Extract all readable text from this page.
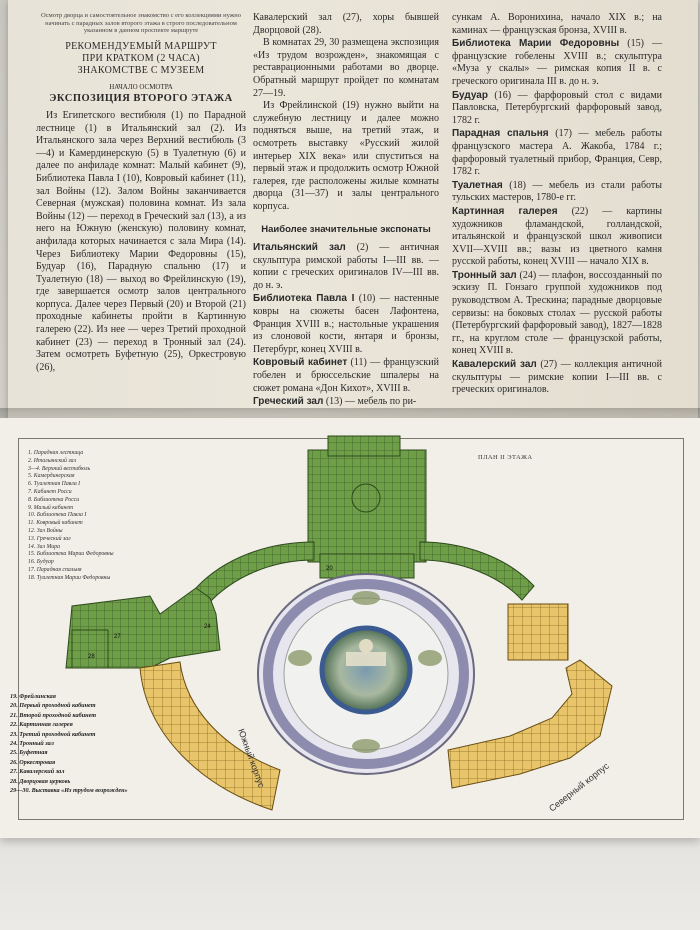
Осмотр дворца и самостоятельное знакомство с его коллекциями нужно начинать с парадных залов второго этажа в строго последовательном указанном в данном проспекте маршруте

РЕКОМЕНДУЕМЫЙ МАРШРУТ

ПРИ КРАТКОМ (2 ЧАСА)

ЗНАКОМСТВЕ С МУЗЕЕМ

НАЧАЛО ОСМОТРА

ЭКСПОЗИЦИЯ ВТОРОГО ЭТАЖА

Из Египетского вестибюля (1) по Парадной лестнице (1) в Итальянский зал (2). Из Итальянского зала через Верхний вестибюль (3—4) и Камердинерскую (5) в Туалетную (6) и далее по анфиладе комнат: Малый кабинет (9), Библиотека Павла I (10), Ковровый кабинет (11), зал Войны (12). Залом Войны заканчивается Северная (мужская) половина комнат. Из зала Войны (12) — переход в Греческий зал (13), а из него на Южную (женскую) половину комнат, анфилада которых начинается с зала Мира (14). Через Библиотеку Марии Федоровны (15), Будуар (16), Парадную спальню (17) и Туалетную (18) — выход во Фрейлинскую (19), где завершается осмотр залов центрального корпуса. Далее через Первый (20) и Второй (21) проходные кабинеты пройти в Картинную галерею (22). Из нее — через Третий проходной кабинет (23) — переход в Тронный зал (24). Затем осмотреть Буфетную (25), Оркестровую (26),

Кавалерский зал (27), хоры бывшей Дворцовой (28).

В комнатах 29, 30 размещена экспозиция «Из трудом возрожден», знакомящая с реставрационными работами во дворце. Обратный маршрут пройдет по комнатам 27—19.

Из Фрейлинской (19) нужно выйти на служебную лестницу и далее можно подняться выше, на третий этаж, и осмотреть выставку «Русский жилой интерьер XIX века» или спуститься на первый этаж и продолжить осмотр Южной галерея, где расположены жилые комнаты дворца (31—37) и залы центрального корпуса.

Наиболее значительные экспонаты

Итальянский зал (2) — античная скульптура римской работы I—III вв. — копии с греческих оригиналов IV—III вв. до н. э.

Библиотека Павла I (10) — настенные ковры на сюжеты басен Лафонтена, Франция XVIII в.; настольные украшения из слоновой кости, янтаря и бронзы, Петербург, конец XVIII в.

Ковровый кабинет (11) — французский гобелен и брюссельские шпалеры на сюжет романа «Дон Кихот», XVIII в.

Греческий зал (13) — мебель по ри-

сункам А. Воронихина, начало XIX в.; на каминах — французская бронза, XVIII в.

Библиотека Марии Федоровны (15) — французские гобелены XVIII в.; скульптура «Муза у скалы» — римская копия II в. с греческого оригинала III в. до н. э.

Будуар (16) — фарфоровый стол с видами Павловска, Петербургский фарфоровый завод, 1782 г.

Парадная спальня (17) — мебель работы французского мастера А. Жакоба, 1784 г.; фарфоровый туалетный прибор, Франция, Севр, 1782 г.

Туалетная (18) — мебель из стали работы тульских мастеров, 1780-е гг.

Картинная галерея (22) — картины художников фламандской, голландской, итальянской и французской школ живописи XVII—XVIII вв.; вазы из цветного камня русской работы, конец XVIII — начало XIX в.

Тронный зал (24) — плафон, воссозданный по эскизу П. Гонзаго группой художников под руководством А. Трескина; парадные дворцовые сервизы: на боковых столах — русской работы (Петербургский фарфоровый завод), 1827—1828 гг., на круглом столе — французской работы, конец XVIII в.

Кавалерский зал (27) — коллекция античной скульптуры — римские копии I—III вв. с греческих оригиналов.

ПЛАН II ЭТАЖА
20
27
24
28
Южный корпус	Северный корпус
1. Парадная лестница
2. Итальянский зал
3—4. Верхний вестибюль
5. Камердинерская
6. Туалетная Павла I
7. Кабинет Росси
8. Библиотека Росси
9. Малый кабинет
10. Библиотека Павла I
11. Ковровый кабинет
12. Зал Войны
13. Греческий зал
14. Зал Мира
15. Библиотека Марии Федоровны
16. Будуар
17. Парадная спальня
18. Туалетная Марии Федоровны
19. Фрейлинская
20. Первый проходной кабинет
21. Второй проходной кабинет
22. Картинная галерея
23. Третий проходной кабинет
24. Тронный зал
25. Буфетная
26. Оркестровая
27. Кавалерский зал
28. Дворцовая церковь
29—30. Выставка «Из трудом возрожден»
